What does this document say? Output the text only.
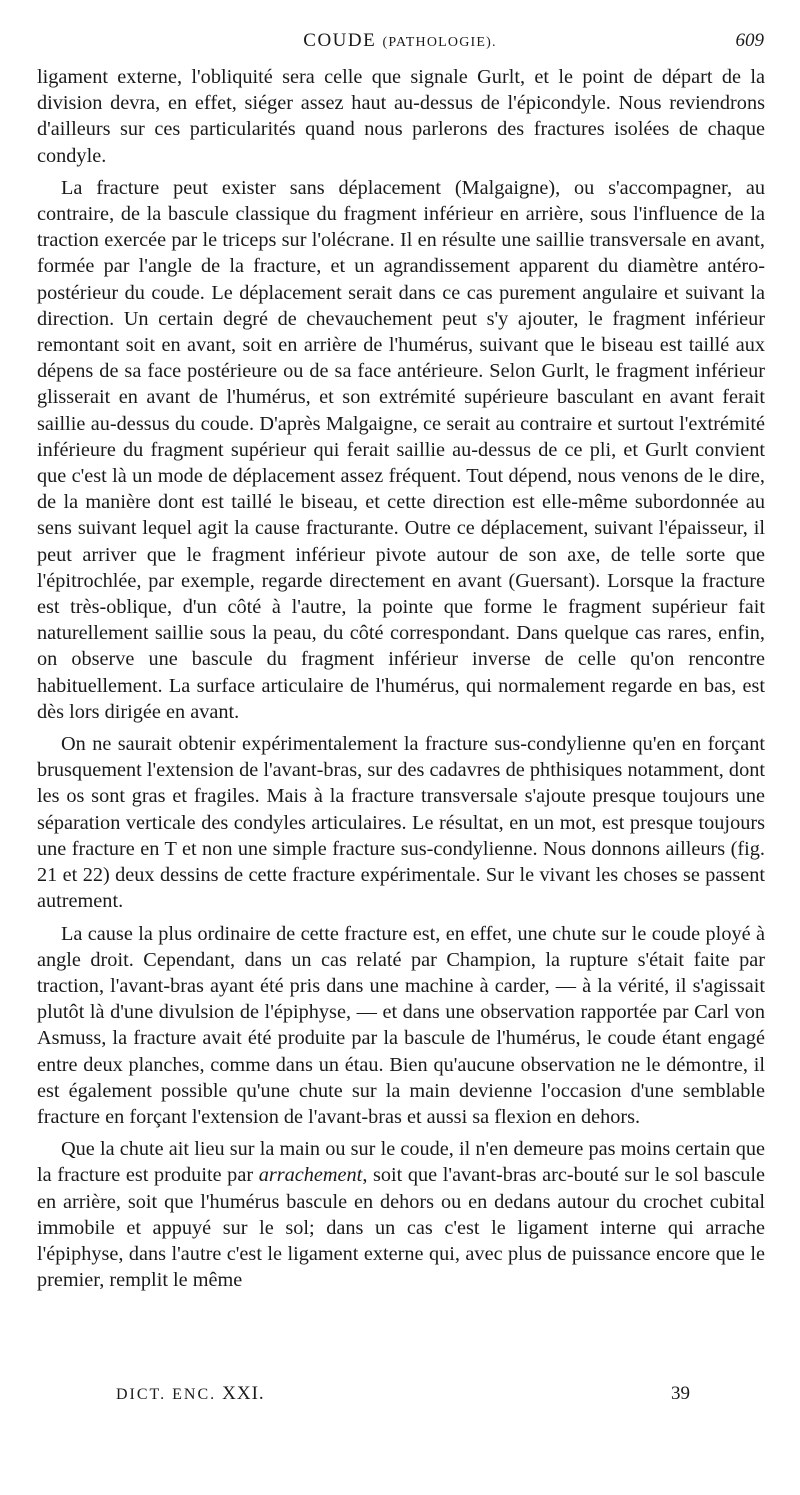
COUDE (PATHOLOGIE).	609

ligament externe, l'obliquité sera celle que signale Gurlt, et le point de départ de la division devra, en effet, siéger assez haut au-dessus de l'épicondyle. Nous reviendrons d'ailleurs sur ces particularités quand nous parlerons des fractures isolées de chaque condyle.

La fracture peut exister sans déplacement (Malgaigne), ou s'accompagner, au contraire, de la bascule classique du fragment inférieur en arrière, sous l'influence de la traction exercée par le triceps sur l'olécrane. Il en résulte une saillie transversale en avant, formée par l'angle de la fracture, et un agrandissement apparent du diamètre antéro-postérieur du coude. Le déplacement serait dans ce cas purement angulaire et suivant la direction. Un certain degré de chevauchement peut s'y ajouter, le fragment inférieur remontant soit en avant, soit en arrière de l'humérus, suivant que le biseau est taillé aux dépens de sa face postérieure ou de sa face antérieure. Selon Gurlt, le fragment inférieur glisserait en avant de l'humérus, et son extrémité supérieure basculant en avant ferait saillie au-dessus du coude. D'après Malgaigne, ce serait au contraire et surtout l'extrémité inférieure du fragment supérieur qui ferait saillie au-dessus de ce pli, et Gurlt convient que c'est là un mode de déplacement assez fréquent. Tout dépend, nous venons de le dire, de la manière dont est taillé le biseau, et cette direction est elle-même subordonnée au sens suivant lequel agit la cause fracturante. Outre ce déplacement, suivant l'épaisseur, il peut arriver que le fragment inférieur pivote autour de son axe, de telle sorte que l'épitrochlée, par exemple, regarde directement en avant (Guersant). Lorsque la fracture est très-oblique, d'un côté à l'autre, la pointe que forme le fragment supérieur fait naturellement saillie sous la peau, du côté correspondant. Dans quelque cas rares, enfin, on observe une bascule du fragment inférieur inverse de celle qu'on rencontre habituellement. La surface articulaire de l'humérus, qui normalement regarde en bas, est dès lors dirigée en avant.

On ne saurait obtenir expérimentalement la fracture sus-condylienne qu'en en forçant brusquement l'extension de l'avant-bras, sur des cadavres de phthisiques notamment, dont les os sont gras et fragiles. Mais à la fracture transversale s'ajoute presque toujours une séparation verticale des condyles articulaires. Le résultat, en un mot, est presque toujours une fracture en T et non une simple fracture sus-condylienne. Nous donnons ailleurs (fig. 21 et 22) deux dessins de cette fracture expérimentale. Sur le vivant les choses se passent autrement.

La cause la plus ordinaire de cette fracture est, en effet, une chute sur le coude ployé à angle droit. Cependant, dans un cas relaté par Champion, la rupture s'était faite par traction, l'avant-bras ayant été pris dans une machine à carder, — à la vérité, il s'agissait plutôt là d'une divulsion de l'épiphyse, — et dans une observation rapportée par Carl von Asmuss, la fracture avait été produite par la bascule de l'humérus, le coude étant engagé entre deux planches, comme dans un étau. Bien qu'aucune observation ne le démontre, il est également possible qu'une chute sur la main devienne l'occasion d'une semblable fracture en forçant l'extension de l'avant-bras et aussi sa flexion en dehors.

Que la chute ait lieu sur la main ou sur le coude, il n'en demeure pas moins certain que la fracture est produite par arrachement, soit que l'avant-bras arc-bouté sur le sol bascule en arrière, soit que l'humérus bascule en dehors ou en dedans autour du crochet cubital immobile et appuyé sur le sol; dans un cas c'est le ligament interne qui arrache l'épiphyse, dans l'autre c'est le ligament externe qui, avec plus de puissance encore que le premier, remplit le même

DICT. ENC. XXI.	39
